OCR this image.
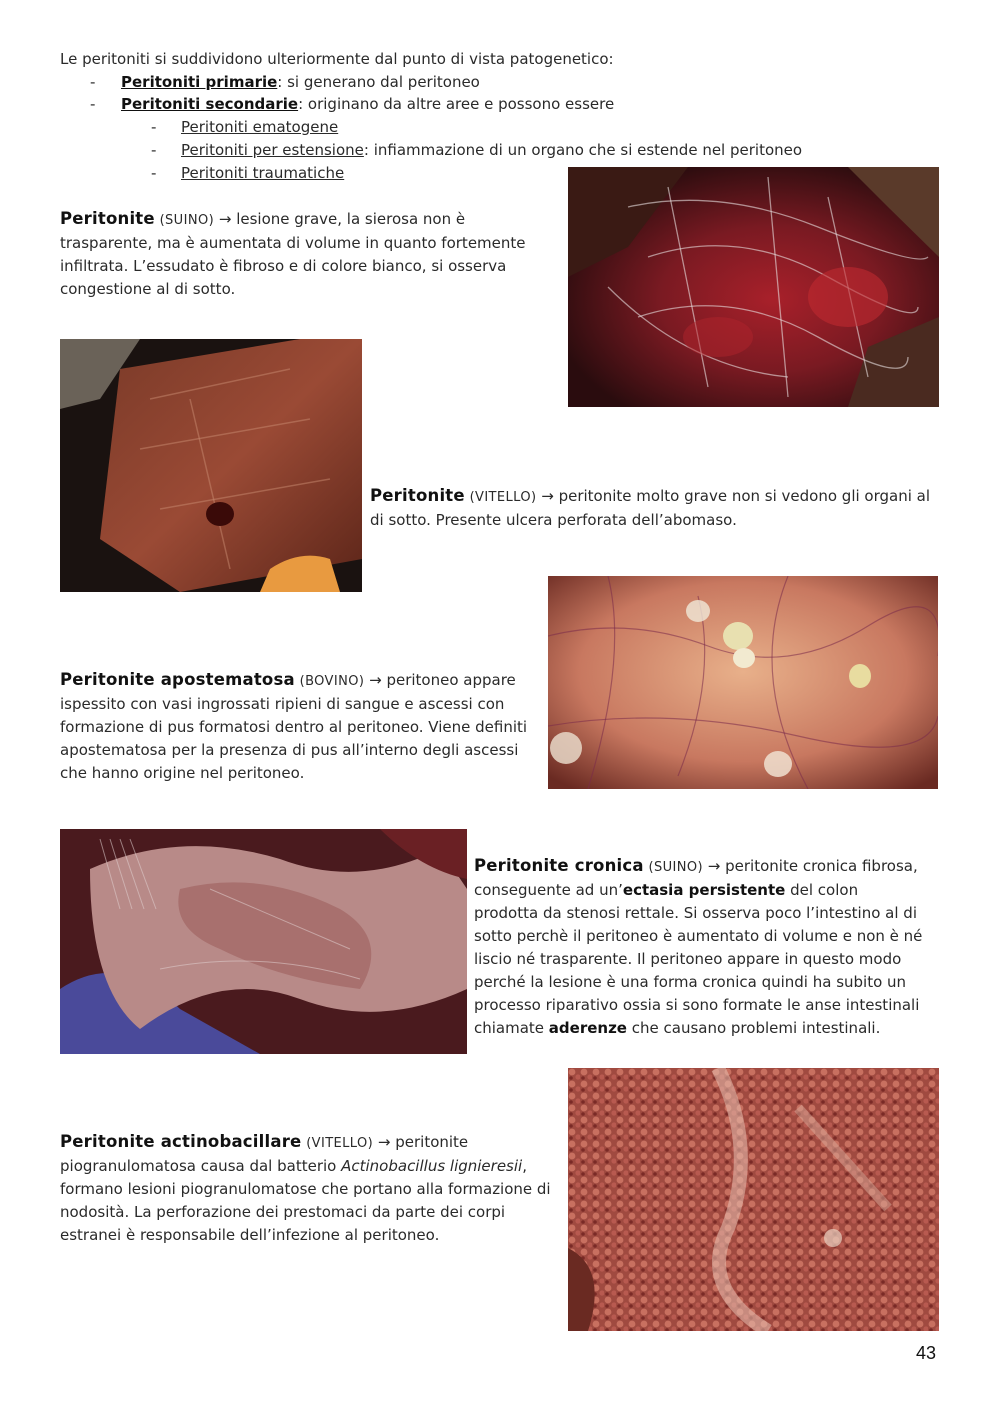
Le peritoniti si suddividono ulteriormente dal punto di vista patogenetico:
- Peritoniti primarie: si generano dal peritoneo
- Peritoniti secondarie: originano da altre aree e possono essere
- Peritoniti ematogene
- Peritoniti per estensione: infiammazione di un organo che si estende nel peritoneo
- Peritoniti traumatiche
Peritonite (SUINO) → lesione grave, la sierosa non è
trasparente, ma è aumentata di volume in quanto fortemente
infiltrata. L’essudato è fibroso e di colore bianco, si osserva
congestione al di sotto.
Peritonite (VITELLO) → peritonite molto grave non si vedono gli organi al
di sotto. Presente ulcera perforata dell’abomaso.
Peritonite apostematosa (BOVINO) → peritoneo appare
ispessito con vasi ingrossati ripieni di sangue e ascessi con
formazione di pus formatosi dentro al peritoneo. Viene definiti
apostematosa per la presenza di pus all’interno degli ascessi
che hanno origine nel peritoneo.
Peritonite cronica (SUINO) → peritonite cronica fibrosa,
conseguente ad un’ectasia persistente del colon
prodotta da stenosi rettale. Si osserva poco l’intestino al di
sotto perchè il peritoneo è aumentato di volume e non è né
liscio né trasparente. Il peritoneo appare in questo modo
perché la lesione è una forma cronica quindi ha subito un
processo riparativo ossia si sono formate le anse intestinali
chiamate aderenze che causano problemi intestinali.
Peritonite actinobacillare (VITELLO) → peritonite
piogranulomatosa causa dal batterio Actinobacillus lignieresii,
formano lesioni piogranulomatose che portano alla formazione di
nodosità. La perforazione dei prestomaci da parte dei corpi
estranei è responsabile dell’infezione al peritoneo.
43
